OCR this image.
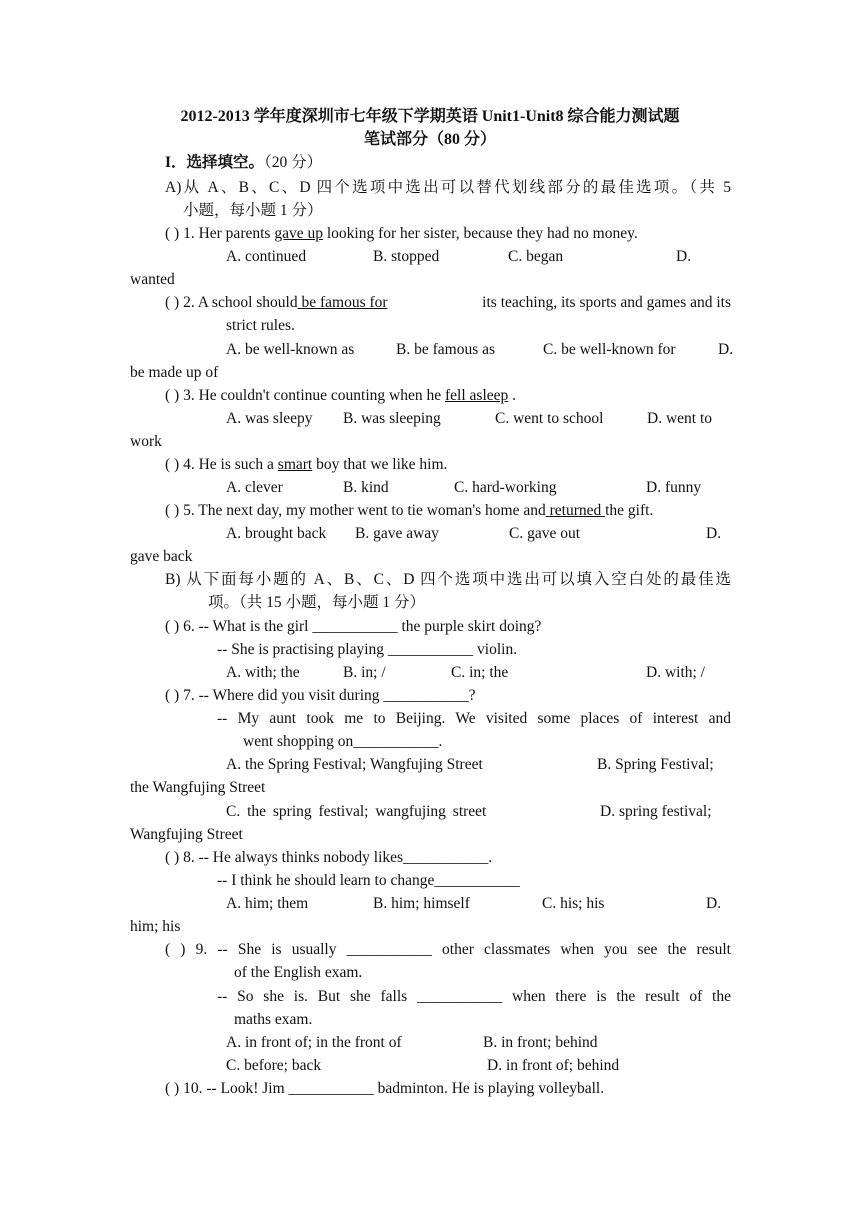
2012-2013 学年度深圳市七年级下学期英语 Unit1-Unit8 综合能力测试题
笔试部分（80 分）
I．选择填空。（20 分）
A)从 A、B、C、D 四个选项中选出可以替代划线部分的最佳选项。（共 5
小题，每小题 1 分）
( ) 1. Her parents gave up looking for her sister, because they had no money.
A. continued	B. stopped	C. began	D.
wanted
( ) 2. A school should be famous for	its teaching, its sports and games and its
strict rules.
A. be well-known as	B. be famous as	C. be well-known for	D.
be made up of
( ) 3. He couldn't continue counting when he fell asleep .
A. was sleepy B. was sleeping	C. went to school	D. went to
work
( ) 4. He is such a smart boy that we like him.
A. clever	B. kind	C. hard-working	D. funny
( ) 5. The next day, my mother went to tie woman's home and returned the gift.
A. brought back B. gave away	C. gave out	D.
gave back
B) 从下面每小题的 A、B、C、D 四个选项中选出可以填入空白处的最佳选
项。（共 15 小题，每小题 1 分）
( ) 6. -- What is the girl ___________ the purple skirt doing?
-- She is practising playing ___________ violin.
A. with; the	B. in; /	C. in; the	D. with; /
( ) 7. -- Where did you visit during ___________?
-- My aunt took me to Beijing. We visited some places of interest and
went shopping on___________.
A. the Spring Festival; Wangfujing Street	B. Spring Festival;
the Wangfujing Street
C. the spring festival; wangfujing street	D. spring festival;
Wangfujing Street
( ) 8. -- He always thinks nobody likes___________.
-- I think he should learn to change___________
A. him; them	B. him; himself	C. his; his	D.
him; his
( ) 9. -- She is usually ___________ other classmates when you see the result
of the English exam.
-- So she is. But she falls ___________ when there is the result of the
maths exam.
A. in front of; in the front of	B. in front; behind
C. before; back	D. in front of; behind
( ) 10. -- Look! Jim ___________ badminton. He is playing volleyball.
